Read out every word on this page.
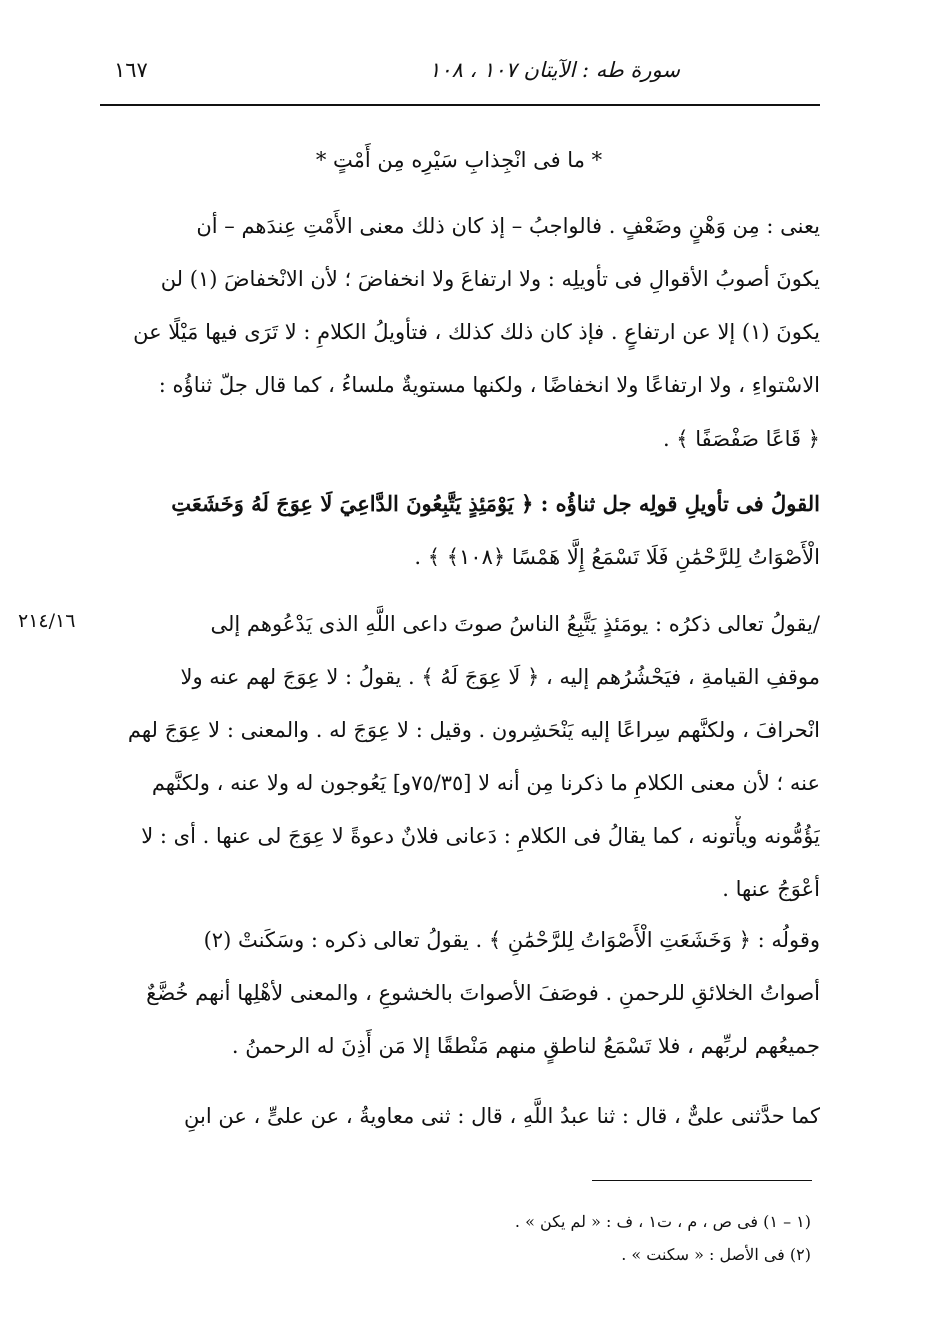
سورة طه : الآيتان ١٠٧ ، ١٠٨
١٦٧
* ما فى انْجِذابِ سَيْرِه مِن أَمْتٍ *
يعنى : مِن وَهْنٍ وضَعْفٍ . فالواجبُ – إذ كان ذلك معنى الأَمْتِ عِندَهم – أن
يكونَ أصوبُ الأقوالِ فى تأويلِه : ولا ارتفاعَ ولا انخفاضَ ؛ لأن الانْخفاضَ (١) لن
يكونَ (١) إلا عن ارتفاعٍ . فإذ كان ذلك كذلك ، فتأويلُ الكلامِ : لا تَرَى فيها مَيْلًا عن
الاسْتواءِ ، ولا ارتفاعًا ولا انخفاضًا ، ولكنها مستويةٌ ملساءُ ، كما قال جلّ ثناؤُه :
﴿ قَاعًا صَفْصَفًا ﴾ .
القولُ فى تأويلِ قولِه جل ثناؤُه : ﴿ يَوْمَئِذٍ يَتَّبِعُونَ الدَّاعِيَ لَا عِوَجَ لَهُ وَخَشَعَتِ
الْأَصْوَاتُ لِلرَّحْمَٰنِ فَلَا تَسْمَعُ إِلَّا هَمْسًا ﴿١٠٨﴾ ﴾ .
٢١٤/١٦	/يقولُ تعالى ذكرُه : يومَئذٍ يَتَّبِعُ الناسُ صوتَ داعى اللَّهِ الذى يَدْعُوهم إلى
موقفِ القيامةِ ، فيَحْشُرُهم إليه ، ﴿ لَا عِوَجَ لَهُ ﴾ . يقولُ : لا عِوَجَ لهم عنه ولا
انْحرافَ ، ولكنَّهم سِراعًا إليه يَنْحَشِرون . وقيل : لا عِوَجَ له . والمعنى : لا عِوَجَ لهم
عنه ؛ لأن معنى الكلامِ ما ذكرنا مِن أنه لا [٧٥/٣٥و] يَعُوجون له ولا عنه ، ولكنَّهم
يَؤُمُّونه ويأْتونه ، كما يقالُ فى الكلامِ : دَعانى فلانٌ دعوةً لا عِوَجَ لى عنها . أى : لا
أعْوَجُ عنها .
وقولُه : ﴿ وَخَشَعَتِ الْأَصْوَاتُ لِلرَّحْمَٰنِ ﴾ . يقولُ تعالى ذكره : وسَكَنتْ (٢)
أصواتُ الخلائقِ للرحمنِ . فوصَفَ الأصواتَ بالخشوعِ ، والمعنى لأهْلِها أنهم خُضَّعٌ
جميعُهم لربِّهم ، فلا تَسْمَعُ لناطقٍ منهم مَنْطقًا إلا مَن أَذِنَ له الرحمنُ .
كما حدَّثنى علىٌّ ، قال : ثنا عبدُ اللَّهِ ، قال : ثنى معاويةُ ، عن علىٍّ ، عن ابنِ
(١ – ١) فى ص ، م ، ت١ ، ف : « لم يكن » .
(٢) فى الأصل : « سكنت » .
